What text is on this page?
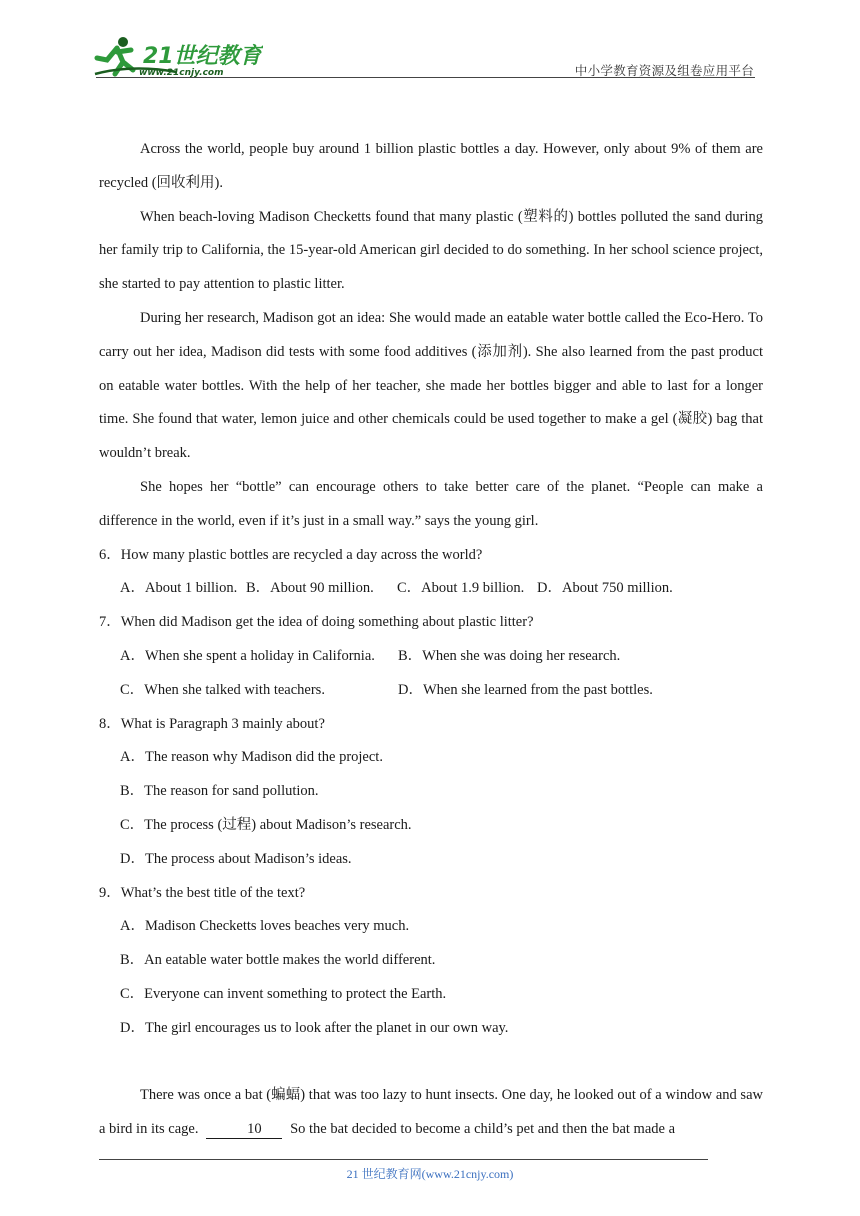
21世纪教育
www.21cnjy.com	中小学教育资源及组卷应用平台

Across the world, people buy around 1 billion plastic bottles a day. However, only about 9% of them are recycled (回收利用).

When beach-loving Madison Checketts found that many plastic (塑料的) bottles polluted the sand during her family trip to California, the 15-year-old American girl decided to do something. In her school science project, she started to pay attention to plastic litter.

During her research, Madison got an idea: She would made an eatable water bottle called the Eco-Hero. To carry out her idea, Madison did tests with some food additives (添加剂). She also learned from the past product on eatable water bottles. With the help of her teacher, she made her bottles bigger and able to last for a longer time. She found that water, lemon juice and other chemicals could be used together to make a gel (凝胶) bag that wouldn’t break.

She hopes her “bottle” can encourage others to take better care of the planet. “People can make a difference in the world, even if it’s just in a small way.” says the young girl.

6．How many plastic bottles are recycled a day across the world?

A．About 1 billion. B．About 90 million.	C．About 1.9 billion. D．About 750 million.

7．When did Madison get the idea of doing something about plastic litter?

A．When she spent a holiday in California.	B．When she was doing her research.
C．When she talked with teachers.	D．When she learned from the past bottles.

8．What is Paragraph 3 mainly about?

A．The reason why Madison did the project.

B．The reason for sand pollution.

C．The process (过程) about Madison’s research.

D．The process about Madison’s ideas.

9．What’s the best title of the text?

A．Madison Checketts loves beaches very much.

B．An eatable water bottle makes the world different.

C．Everyone can invent something to protect the Earth.

D．The girl encourages us to look after the planet in our own way.

There was once a bat (蝙蝠) that was too lazy to hunt insects. One day, he looked out of a window and saw a bird in its cage.	10 So the bat decided to become a child’s pet and then the bat made a

21 世纪教育网(www.21cnjy.com)
